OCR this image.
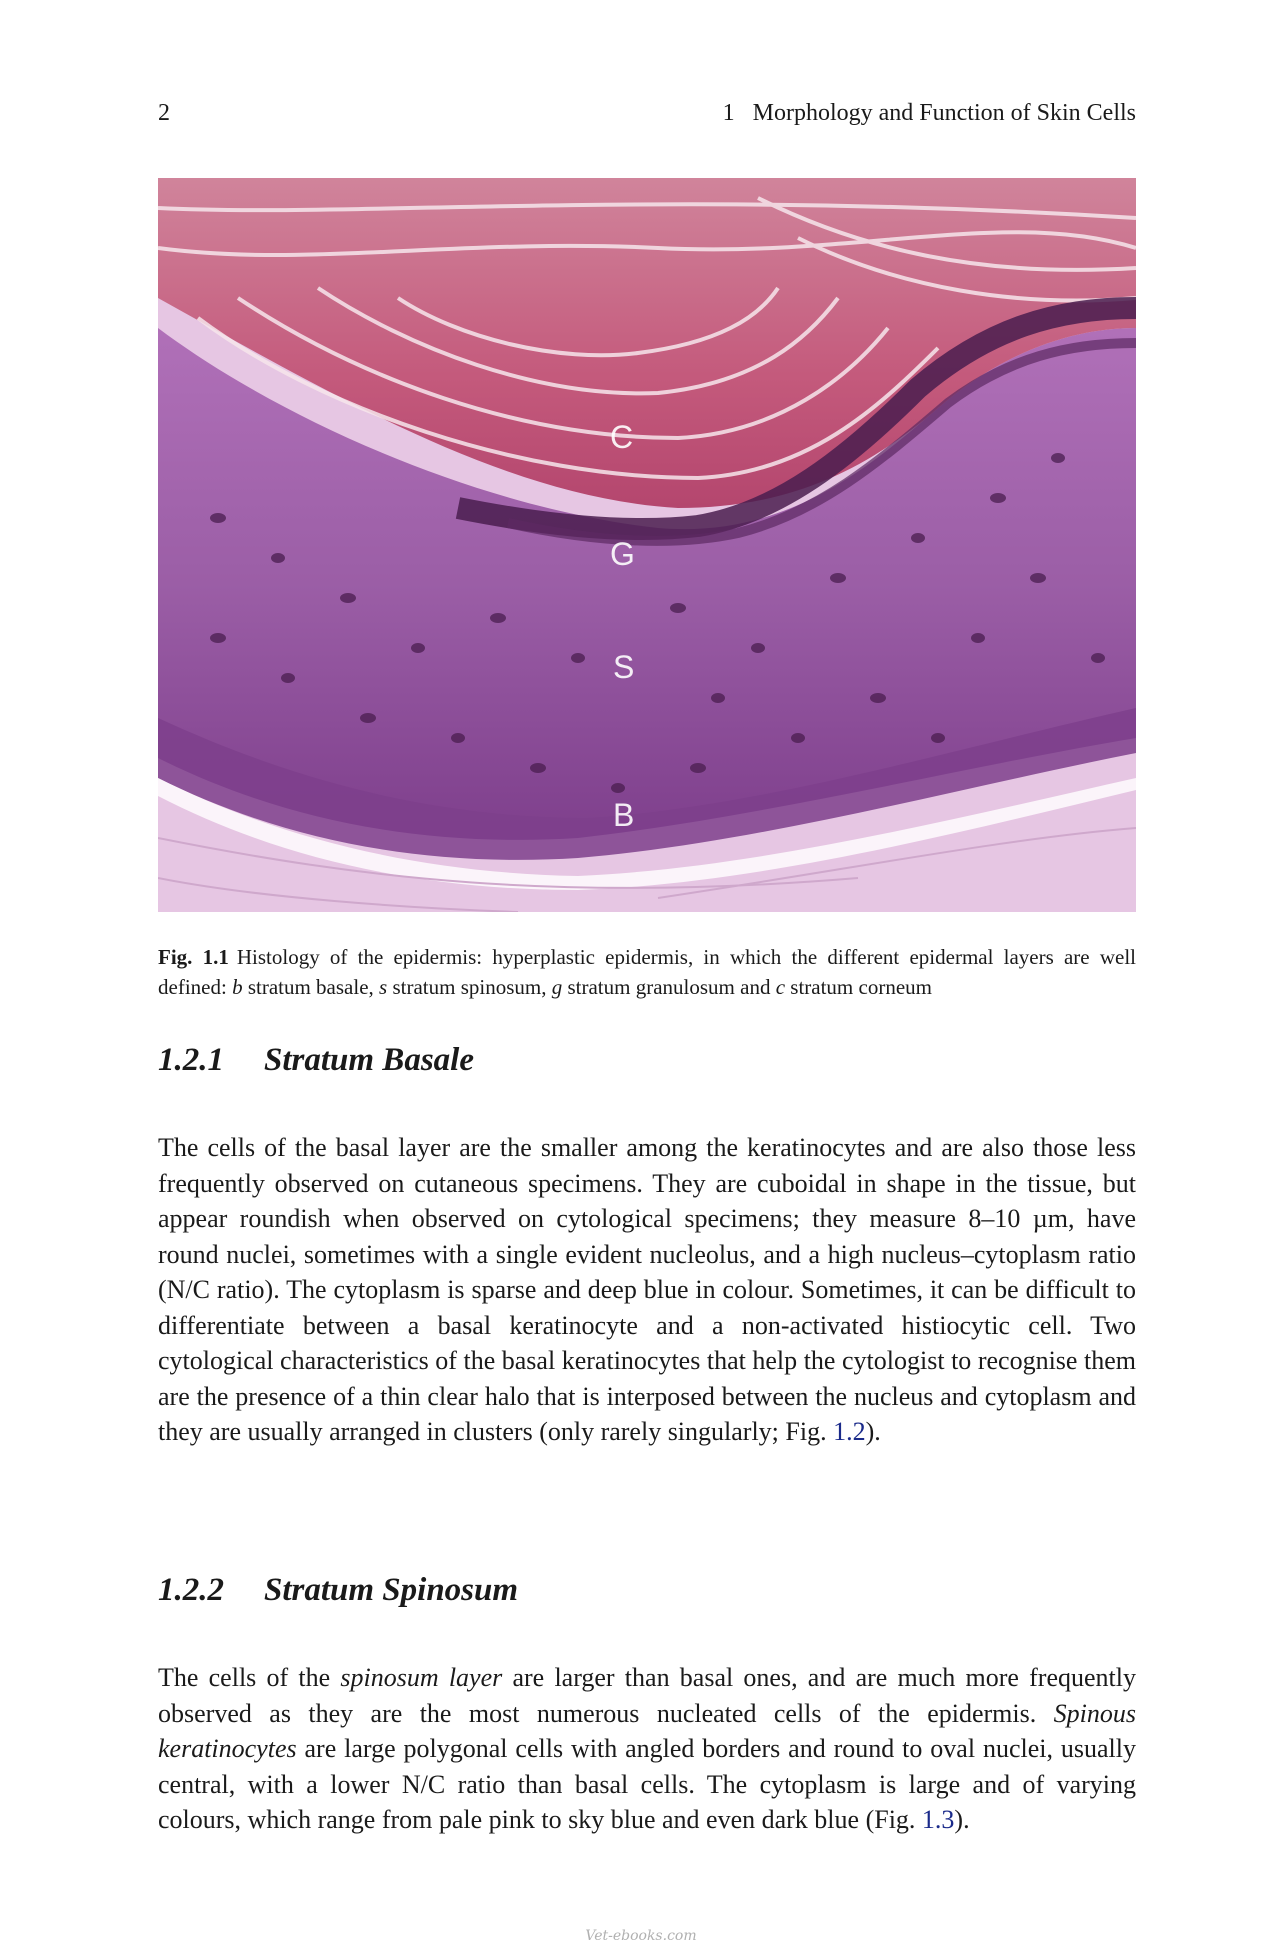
2	1 Morphology and Function of Skin Cells
C
G
S
B
Fig. 1.1 Histology of the epidermis: hyperplastic epidermis, in which the different epidermal layers are well defined: b stratum basale, s stratum spinosum, g stratum granulosum and c stratum corneum
1.2.1 Stratum Basale

The cells of the basal layer are the smaller among the keratinocytes and are also those less frequently observed on cutaneous specimens. They are cuboidal in shape in the tissue, but appear roundish when observed on cytological specimens; they measure 8–10 µm, have round nuclei, sometimes with a single evident nucleolus, and a high nucleus–cytoplasm ratio (N/C ratio). The cytoplasm is sparse and deep blue in colour. Sometimes, it can be difficult to differentiate between a basal keratinocyte and a non-activated histiocytic cell. Two cytological characteristics of the basal keratinocytes that help the cytologist to recognise them are the presence of a thin clear halo that is interposed between the nucleus and cytoplasm and they are usually arranged in clusters (only rarely singularly; Fig. 1.2).

1.2.2 Stratum Spinosum

The cells of the spinosum layer are larger than basal ones, and are much more frequently observed as they are the most numerous nucleated cells of the epidermis. Spinous keratinocytes are large polygonal cells with angled borders and round to oval nuclei, usually central, with a lower N/C ratio than basal cells. The cytoplasm is large and of varying colours, which range from pale pink to sky blue and even dark blue (Fig. 1.3).

Vet-ebooks.com
